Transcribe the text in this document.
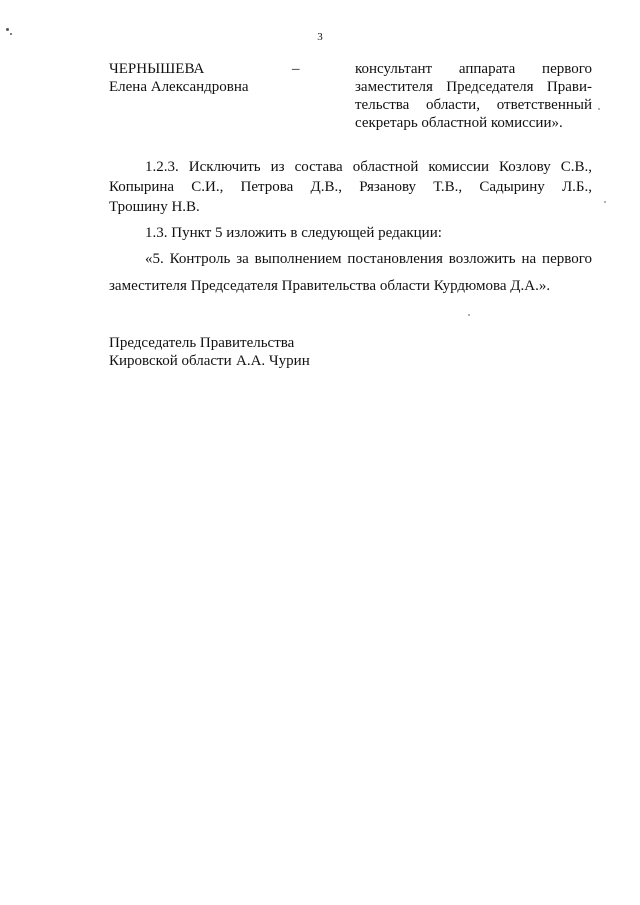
3
ЧЕРНЫШЕВА
Елена Александровна
–	консультант аппарата первого
заместителя Председателя Прави-
тельства области, ответственный
секретарь областной комиссии».
1.2.3. Исключить из состава областной комиссии Козлову С.В.,
Копырина С.И., Петрова Д.В., Рязанову Т.В., Садырину Л.Б.,
Трошину Н.В.
1.3. Пункт 5 изложить в следующей редакции:
«5. Контроль за выполнением постановления возложить на первого
заместителя Председателя Правительства области Курдюмова Д.А.».
Председатель Правительства
Кировской области А.А. Чурин
